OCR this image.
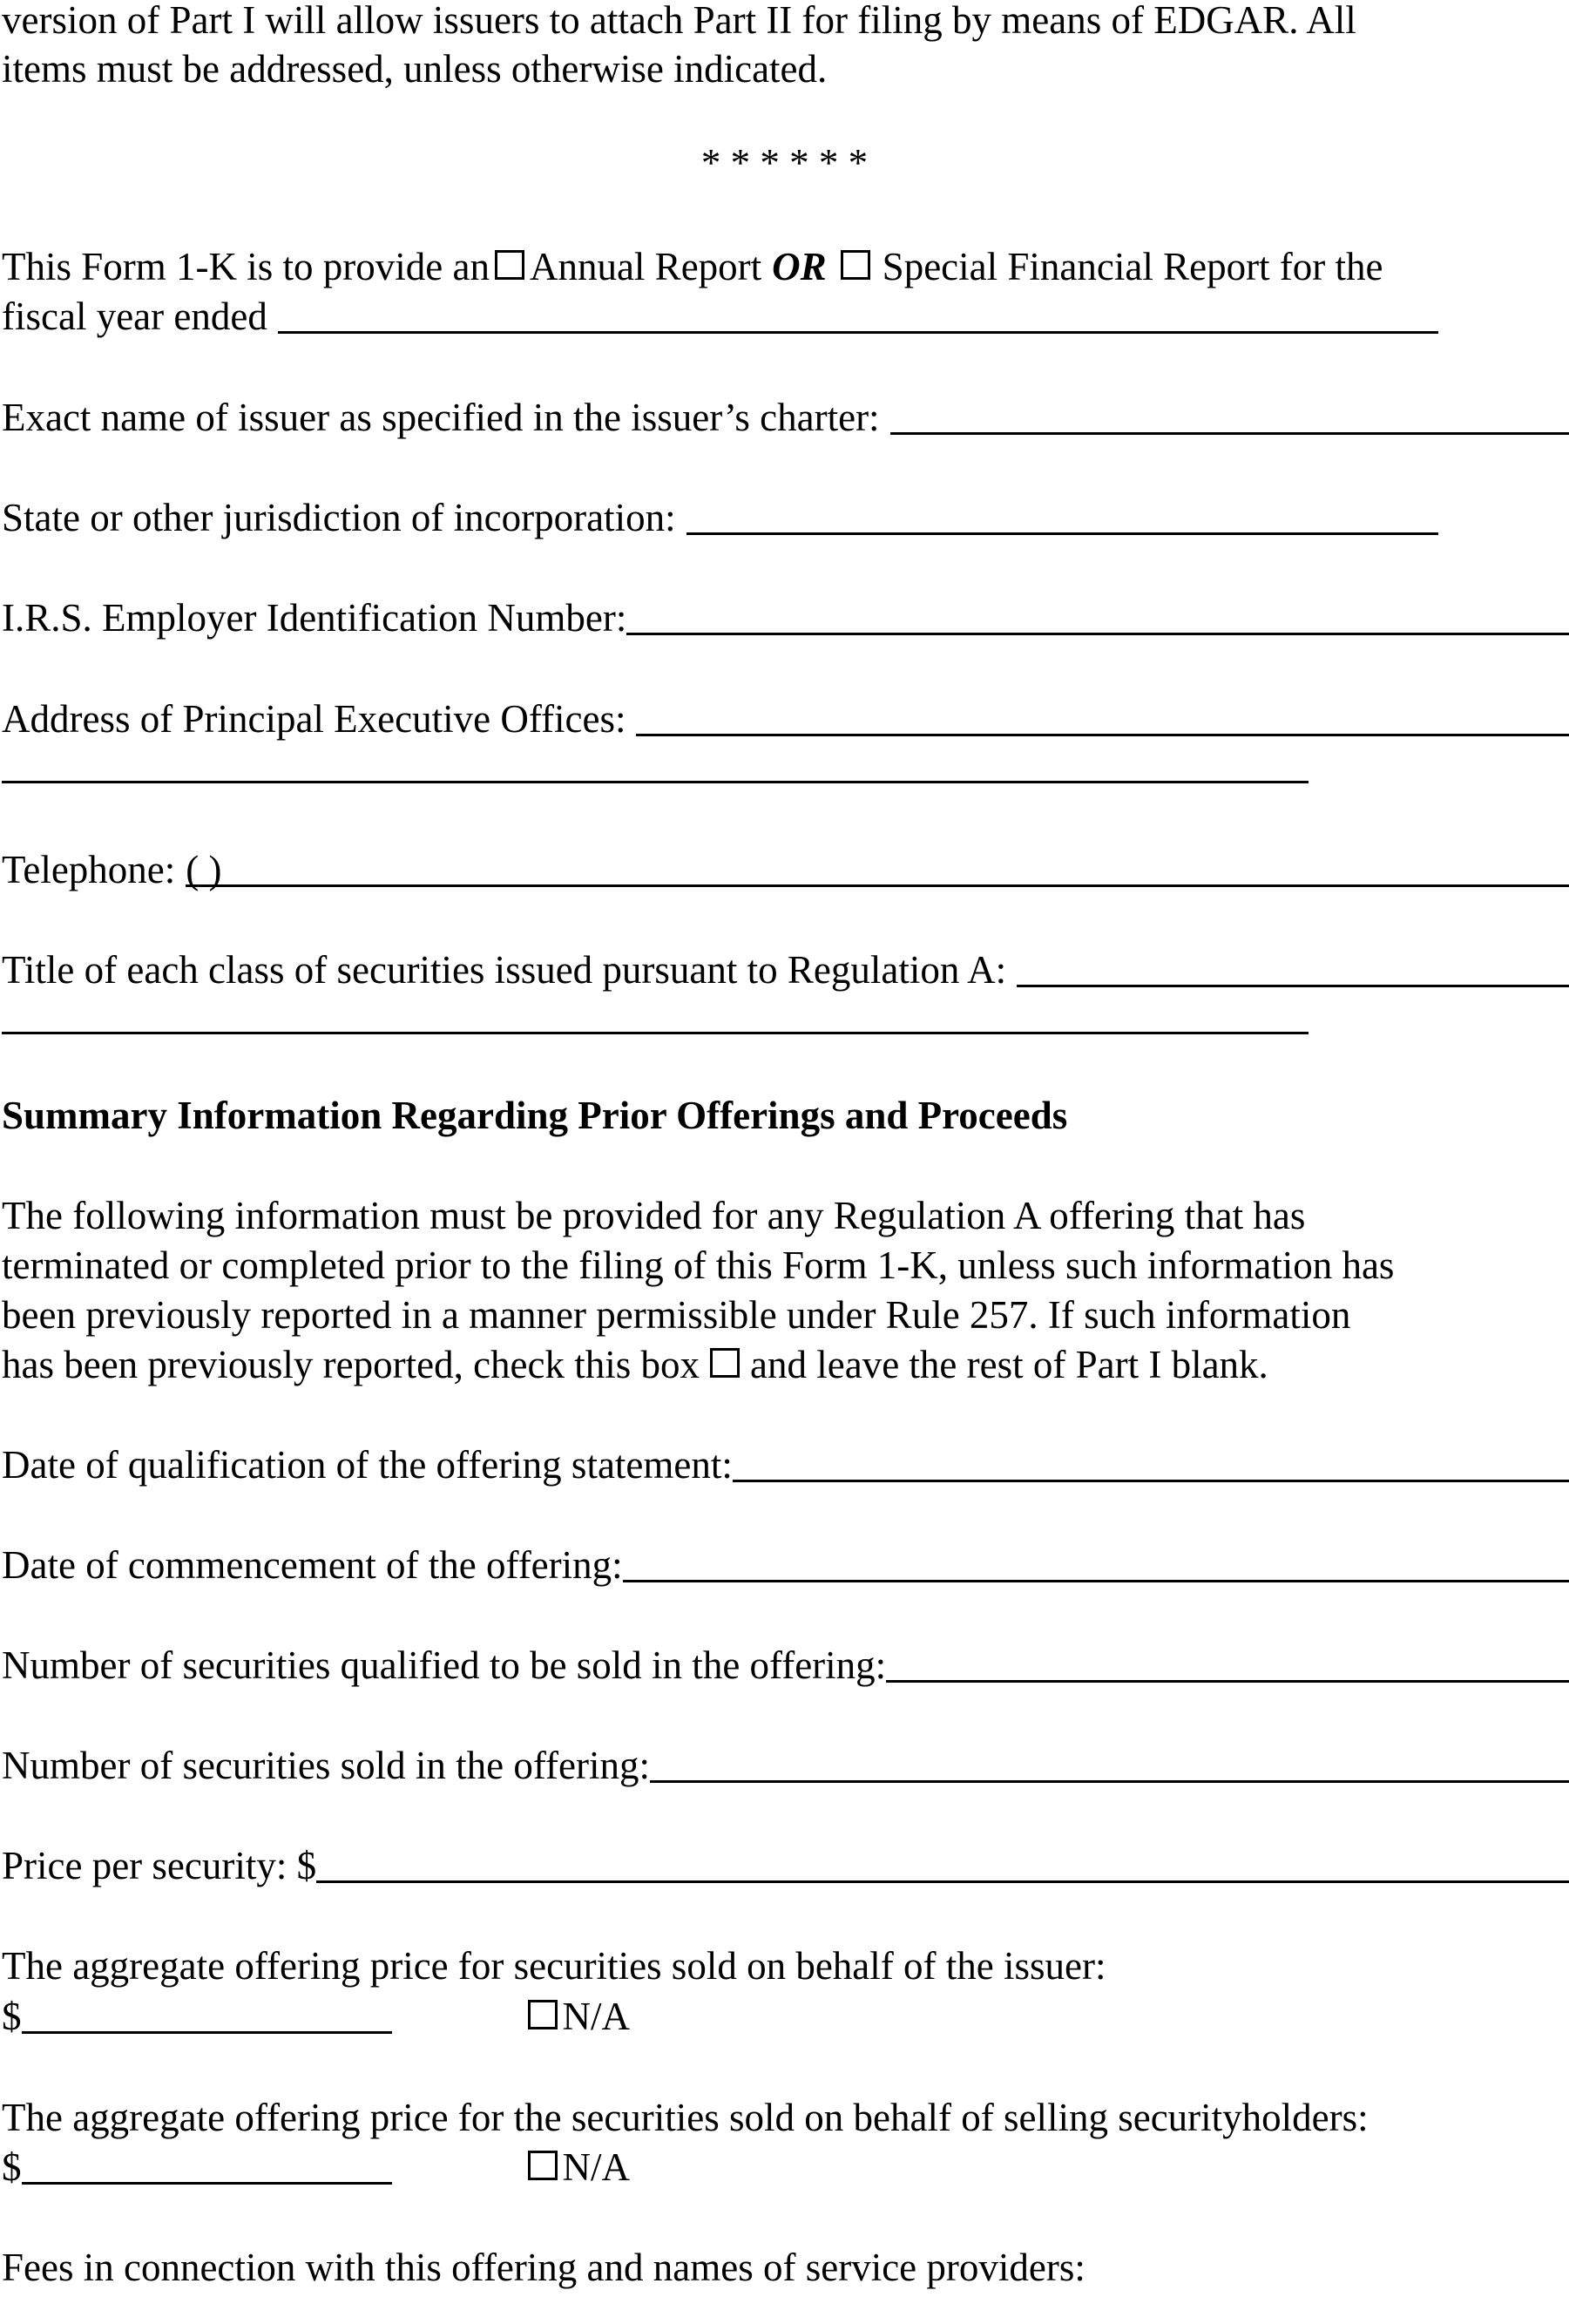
version of Part I will allow issuers to attach Part II for filing by means of EDGAR. All
items must be addressed, unless otherwise indicated.
* * * * * *
This Form 1-K is to provide an Annual Report OR Special Financial Report for the
fiscal year ended
Exact name of issuer as specified in the issuer’s charter:
State or other jurisdiction of incorporation:
I.R.S. Employer Identification Number:
Address of Principal Executive Offices:
Telephone: ( )
Title of each class of securities issued pursuant to Regulation A:
Summary Information Regarding Prior Offerings and Proceeds
The following information must be provided for any Regulation A offering that has
terminated or completed prior to the filing of this Form 1-K, unless such information has
been previously reported in a manner permissible under Rule 257. If such information
has been previously reported, check this box and leave the rest of Part I blank.
Date of qualification of the offering statement:
Date of commencement of the offering:
Number of securities qualified to be sold in the offering:
Number of securities sold in the offering:
Price per security: $
The aggregate offering price for securities sold on behalf of the issuer:
$	N/A
The aggregate offering price for the securities sold on behalf of selling securityholders:
$	N/A
Fees in connection with this offering and names of service providers:
